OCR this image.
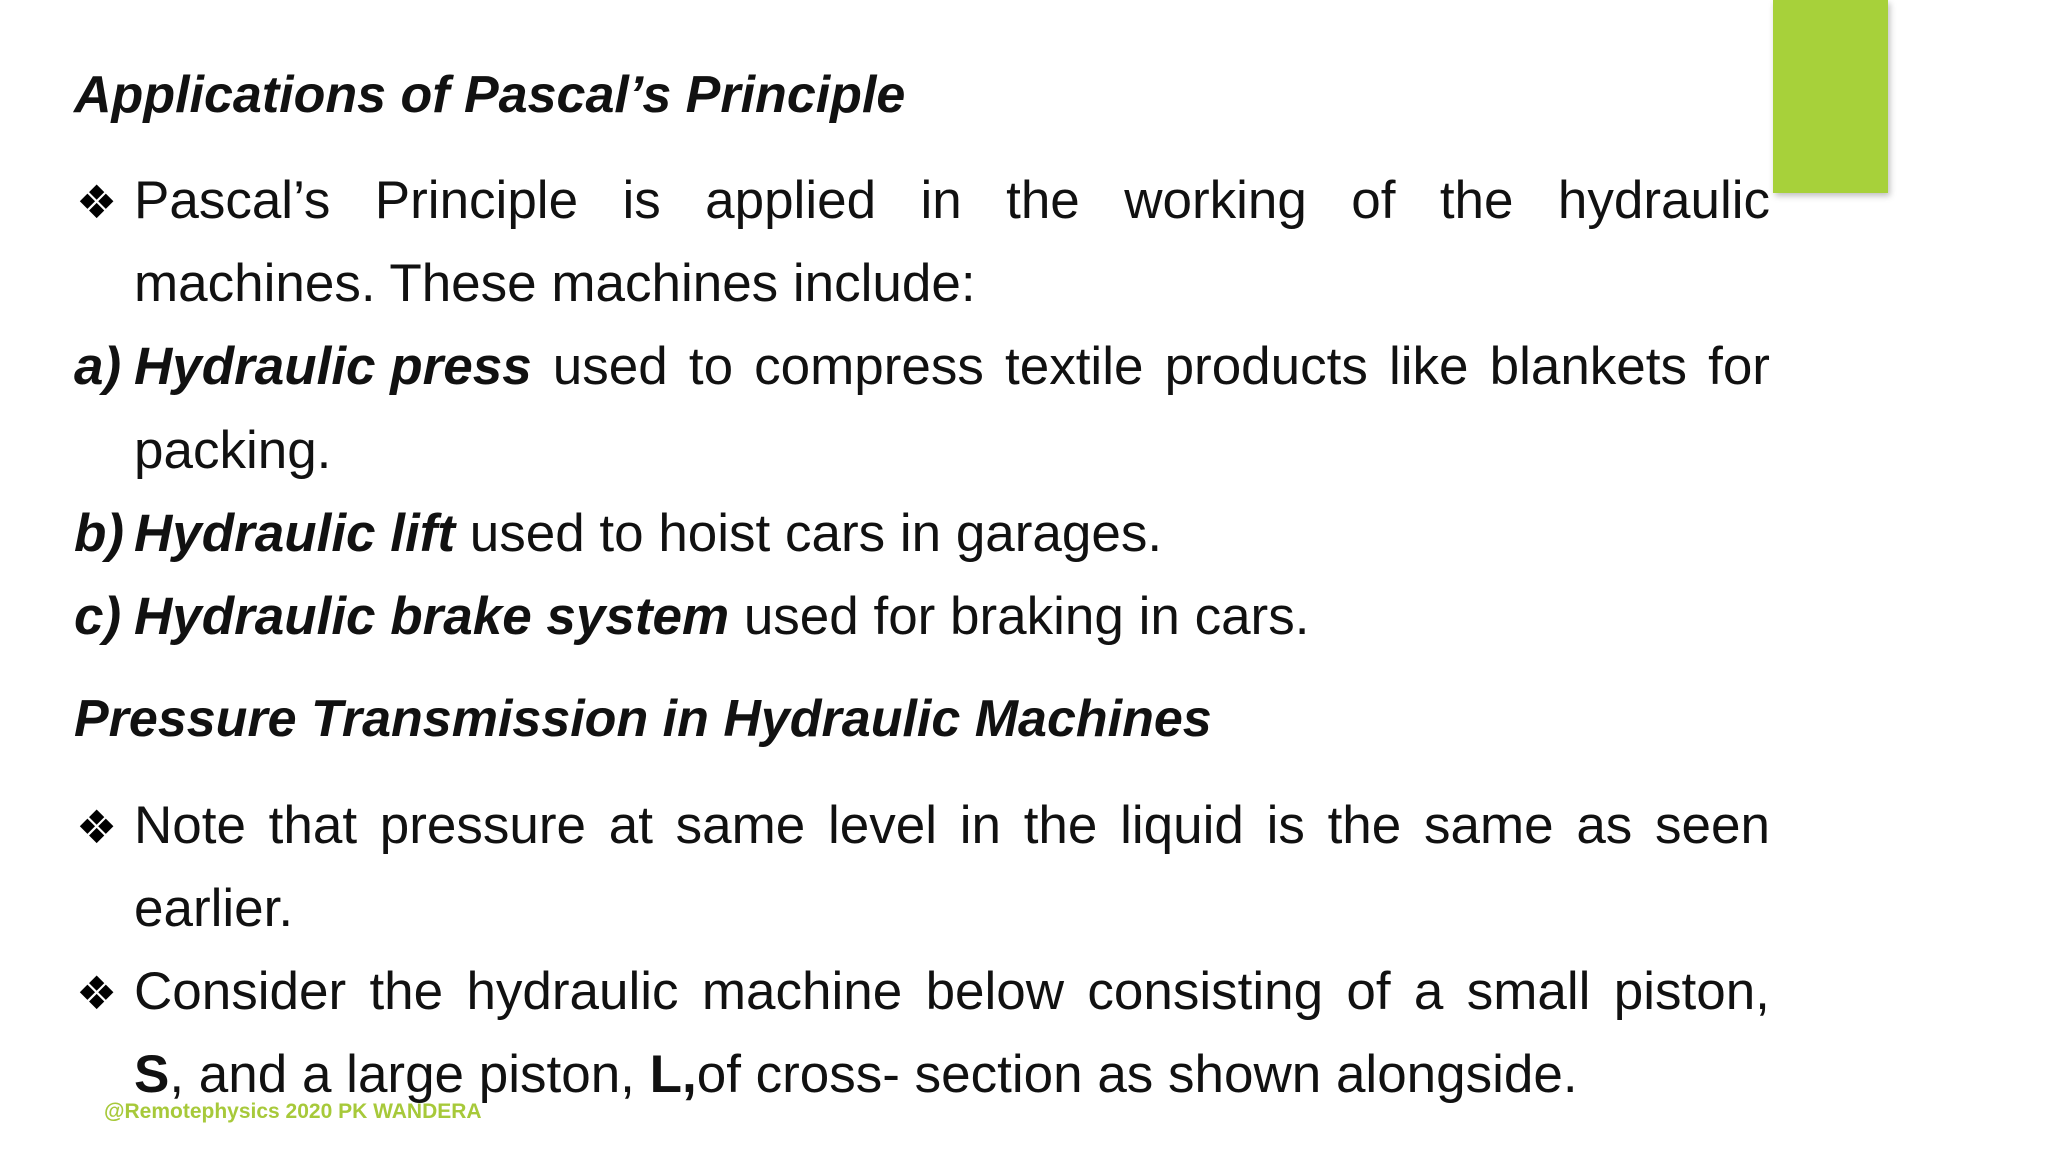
Applications of Pascal’s Principle
❖ Pascal’s Principle is applied in the working of the hydraulic
machines. These machines include:
a) Hydraulic press used to compress textile products like blankets for
packing.
b) Hydraulic lift used to hoist cars in garages.
c) Hydraulic brake system used for braking in cars.
Pressure Transmission in Hydraulic Machines
❖ Note that pressure at same level in the liquid is the same as seen
earlier.
❖ Consider the hydraulic machine below consisting of a small piston,
S, and a large piston, L,of cross- section as shown alongside.
@Remotephysics 2020 PK WANDERA
